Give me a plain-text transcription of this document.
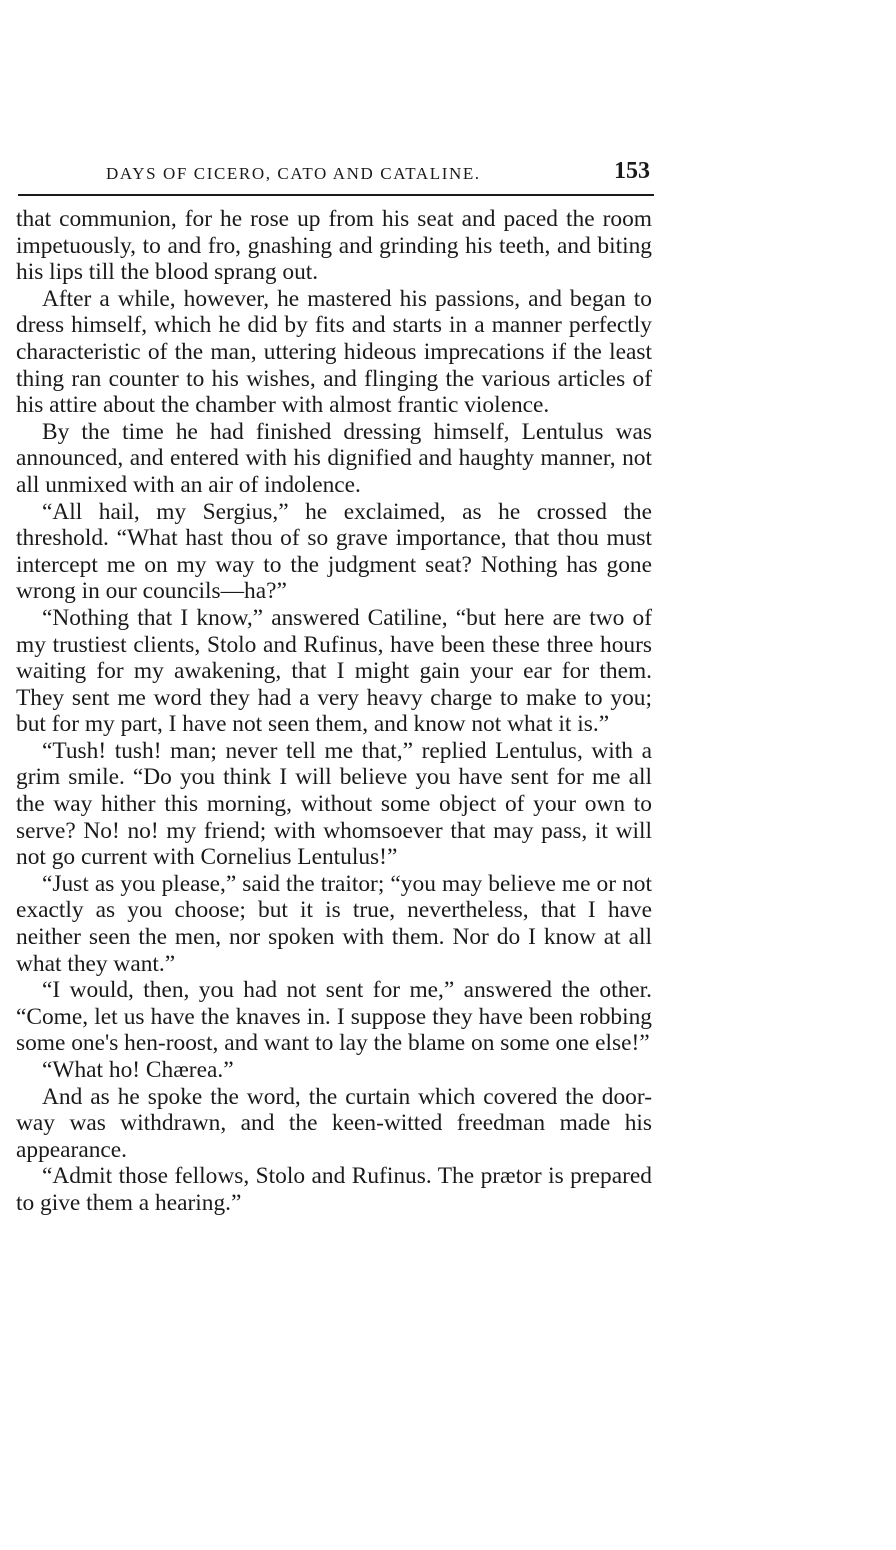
DAYS OF CICERO, CATO AND CATALINE.	153

that communion, for he rose up from his seat and paced the room impetuously, to and fro, gnashing and grinding his teeth, and biting his lips till the blood sprang out.

After a while, however, he mastered his passions, and began to dress himself, which he did by fits and starts in a manner perfectly characteristic of the man, uttering hideous imprecations if the least thing ran counter to his wishes, and flinging the various articles of his attire about the chamber with almost frantic violence.

By the time he had finished dressing himself, Lentulus was announced, and entered with his dignified and haughty manner, not all unmixed with an air of indolence.

“All hail, my Sergius,” he exclaimed, as he crossed the threshold. “What hast thou of so grave importance, that thou must intercept me on my way to the judgment seat? Nothing has gone wrong in our councils—ha?”

“Nothing that I know,” answered Catiline, “but here are two of my trustiest clients, Stolo and Rufinus, have been these three hours waiting for my awakening, that I might gain your ear for them. They sent me word they had a very heavy charge to make to you; but for my part, I have not seen them, and know not what it is.”

“Tush! tush! man; never tell me that,” replied Lentulus, with a grim smile. “Do you think I will believe you have sent for me all the way hither this morning, without some object of your own to serve? No! no! my friend; with whomsoever that may pass, it will not go current with Cornelius Lentulus!”

“Just as you please,” said the traitor; “you may believe me or not exactly as you choose; but it is true, nevertheless, that I have neither seen the men, nor spoken with them. Nor do I know at all what they want.”

“I would, then, you had not sent for me,” answered the other. “Come, let us have the knaves in. I suppose they have been robbing some one's hen-roost, and want to lay the blame on some one else!”

“What ho! Chærea.”

And as he spoke the word, the curtain which covered the door-way was withdrawn, and the keen-witted freedman made his appearance.

“Admit those fellows, Stolo and Rufinus. The prætor is prepared to give them a hearing.”
